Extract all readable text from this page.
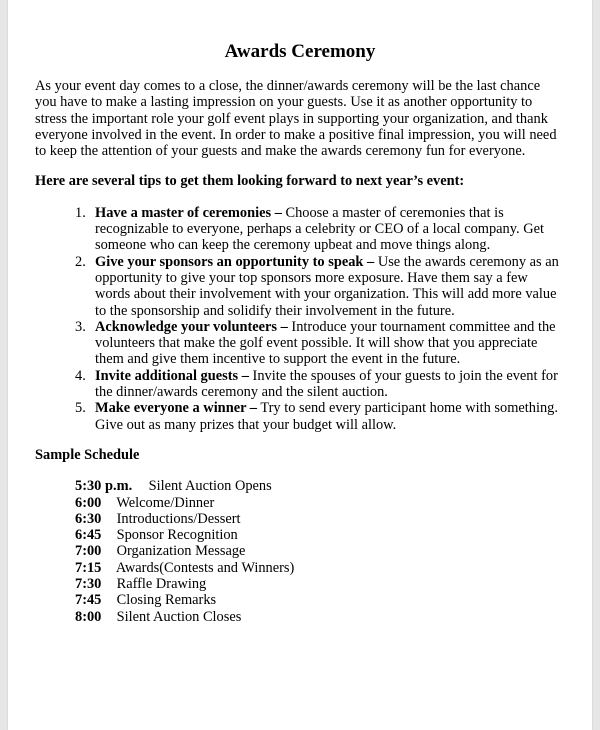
Awards Ceremony

As your event day comes to a close, the dinner/awards ceremony will be the last chance you have to make a lasting impression on your guests. Use it as another opportunity to stress the important role your golf event plays in supporting your organization, and thank everyone involved in the event. In order to make a positive final impression, you will need to keep the attention of your guests and make the awards ceremony fun for everyone.

Here are several tips to get them looking forward to next year’s event:

1. Have a master of ceremonies – Choose a master of ceremonies that is recognizable to everyone, perhaps a celebrity or CEO of a local company. Get someone who can keep the ceremony upbeat and move things along.
2. Give your sponsors an opportunity to speak – Use the awards ceremony as an opportunity to give your top sponsors more exposure. Have them say a few words about their involvement with your organization. This will add more value to the sponsorship and solidify their involvement in the future.
3. Acknowledge your volunteers – Introduce your tournament committee and the volunteers that make the golf event possible. It will show that you appreciate them and give them incentive to support the event in the future.
4. Invite additional guests – Invite the spouses of your guests to join the event for the dinner/awards ceremony and the silent auction.
5. Make everyone a winner – Try to send every participant home with something. Give out as many prizes that your budget will allow.

Sample Schedule

5:30 p.m. Silent Auction Opens
6:00 Welcome/Dinner
6:30 Introductions/Dessert
6:45 Sponsor Recognition
7:00 Organization Message
7:15 Awards(Contests and Winners)
7:30 Raffle Drawing
7:45 Closing Remarks
8:00 Silent Auction Closes
